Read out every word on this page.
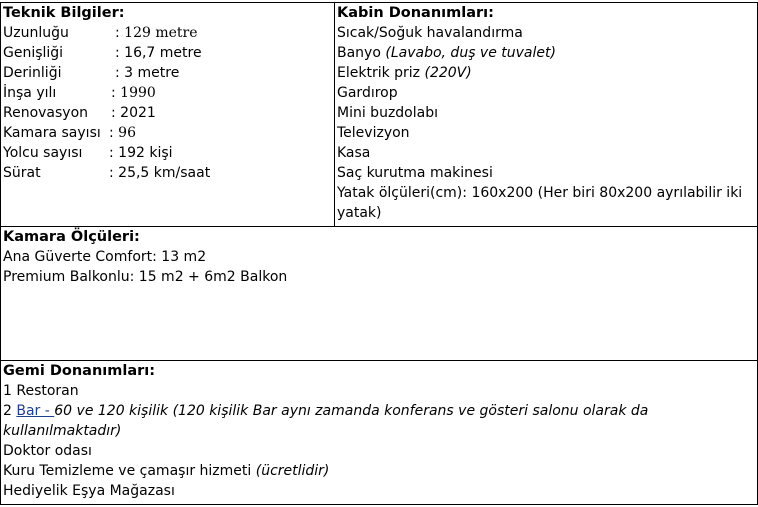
Teknik Bilgiler:
Uzunluğu	: 129 metre
Genişliği	: 16,7 metre
Derinliği	: 3 metre
İnşa yılı	: 1990
Renovasyon : 2021
Kamara sayısı : 96
Yolcu sayısı : 192 kişi
Sürat	: 25,5 km/saat

Kabin Donanımları:
Sıcak/Soğuk havalandırma
Banyo (Lavabo, duş ve tuvalet)
Elektrik priz (220V)
Gardırop
Mini buzdolabı
Televizyon
Kasa
Saç kurutma makinesi
Yatak ölçüleri(cm): 160x200 (Her biri 80x200 ayrılabilir iki yatak)

Kamara Ölçüleri:
Ana Güverte Comfort: 13 m2
Premium Balkonlu: 15 m2 + 6m2 Balkon

Gemi Donanımları:
1 Restoran
2 Bar - 60 ve 120 kişilik (120 kişilik Bar aynı zamanda konferans ve gösteri salonu olarak da kullanılmaktadır)
Doktor odası
Kuru Temizleme ve çamaşır hizmeti (ücretlidir)
Hediyelik Eşya Mağazası
